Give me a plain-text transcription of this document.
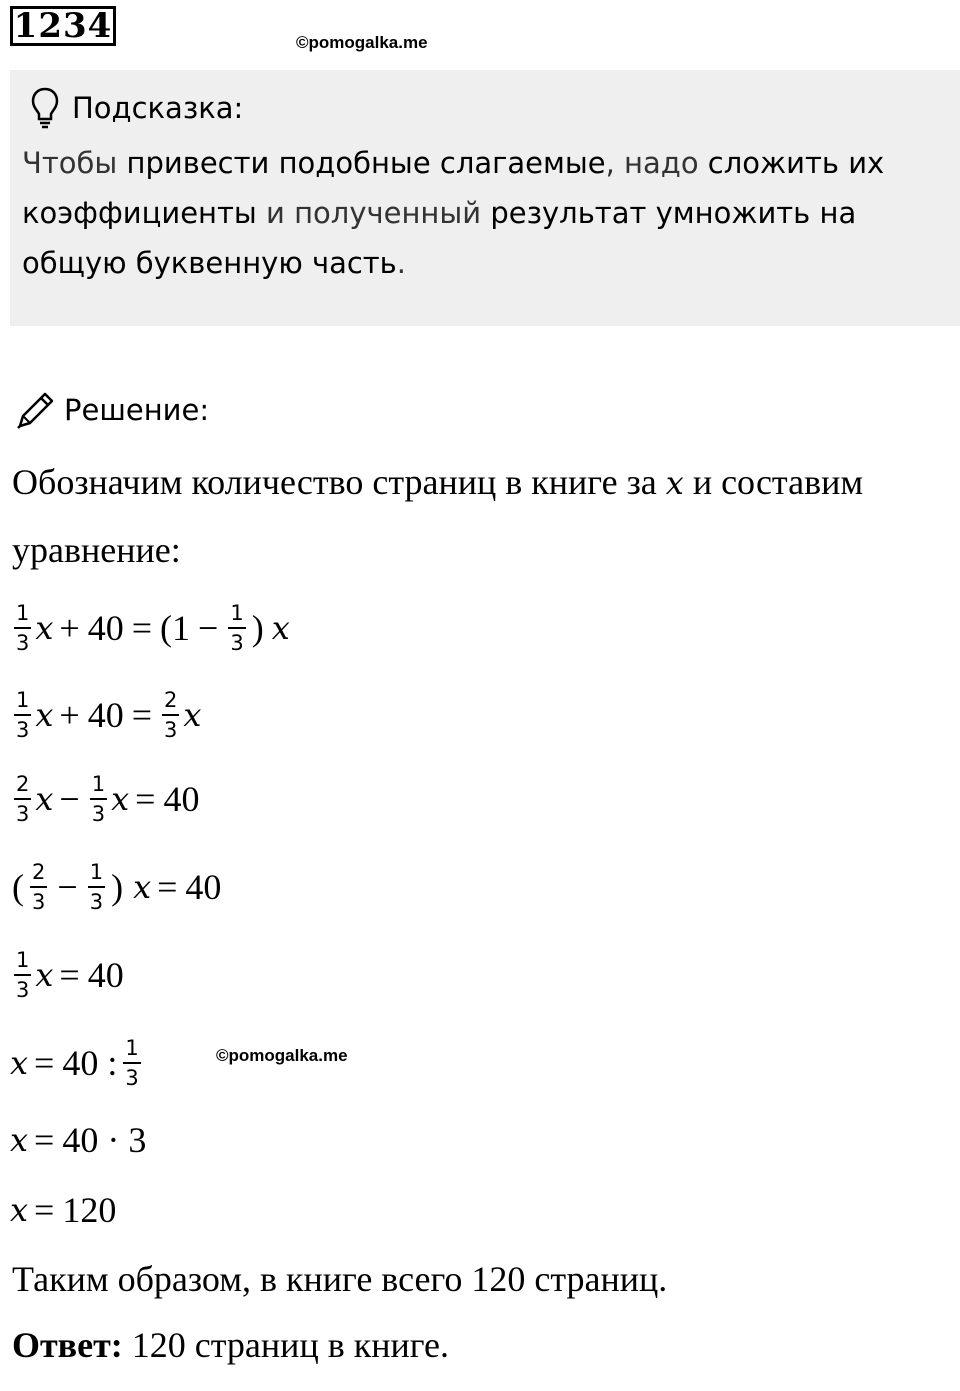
1234	©pomogalka.me
Подсказка:

Чтобы привести подобные слагаемые, надо сложить их коэффициенты и полученный результат умножить на общую буквенную часть.

Решение:
Обозначим количество страниц в книге за x и составим
уравнение:
$\frac{1}{3}$ $x + 40 = (1 - \frac{1}{3}$ ) x
$\frac{1}{3}$ $x + 40 = \frac{2}{3}$ x
$\frac{2}{3}$ $x - \frac{1}{3}$ x = 40
( $\frac{2}{3} - \frac{1}{3}$ ) x = 40
$\frac{1}{3}$ x = 40
x = 40 : $\frac{1}{3}$	©pomogalka.me
x = 40 · 3
x = 120
Таким образом, в книге всего 120 страниц.
Ответ: 120 страниц в книге.
